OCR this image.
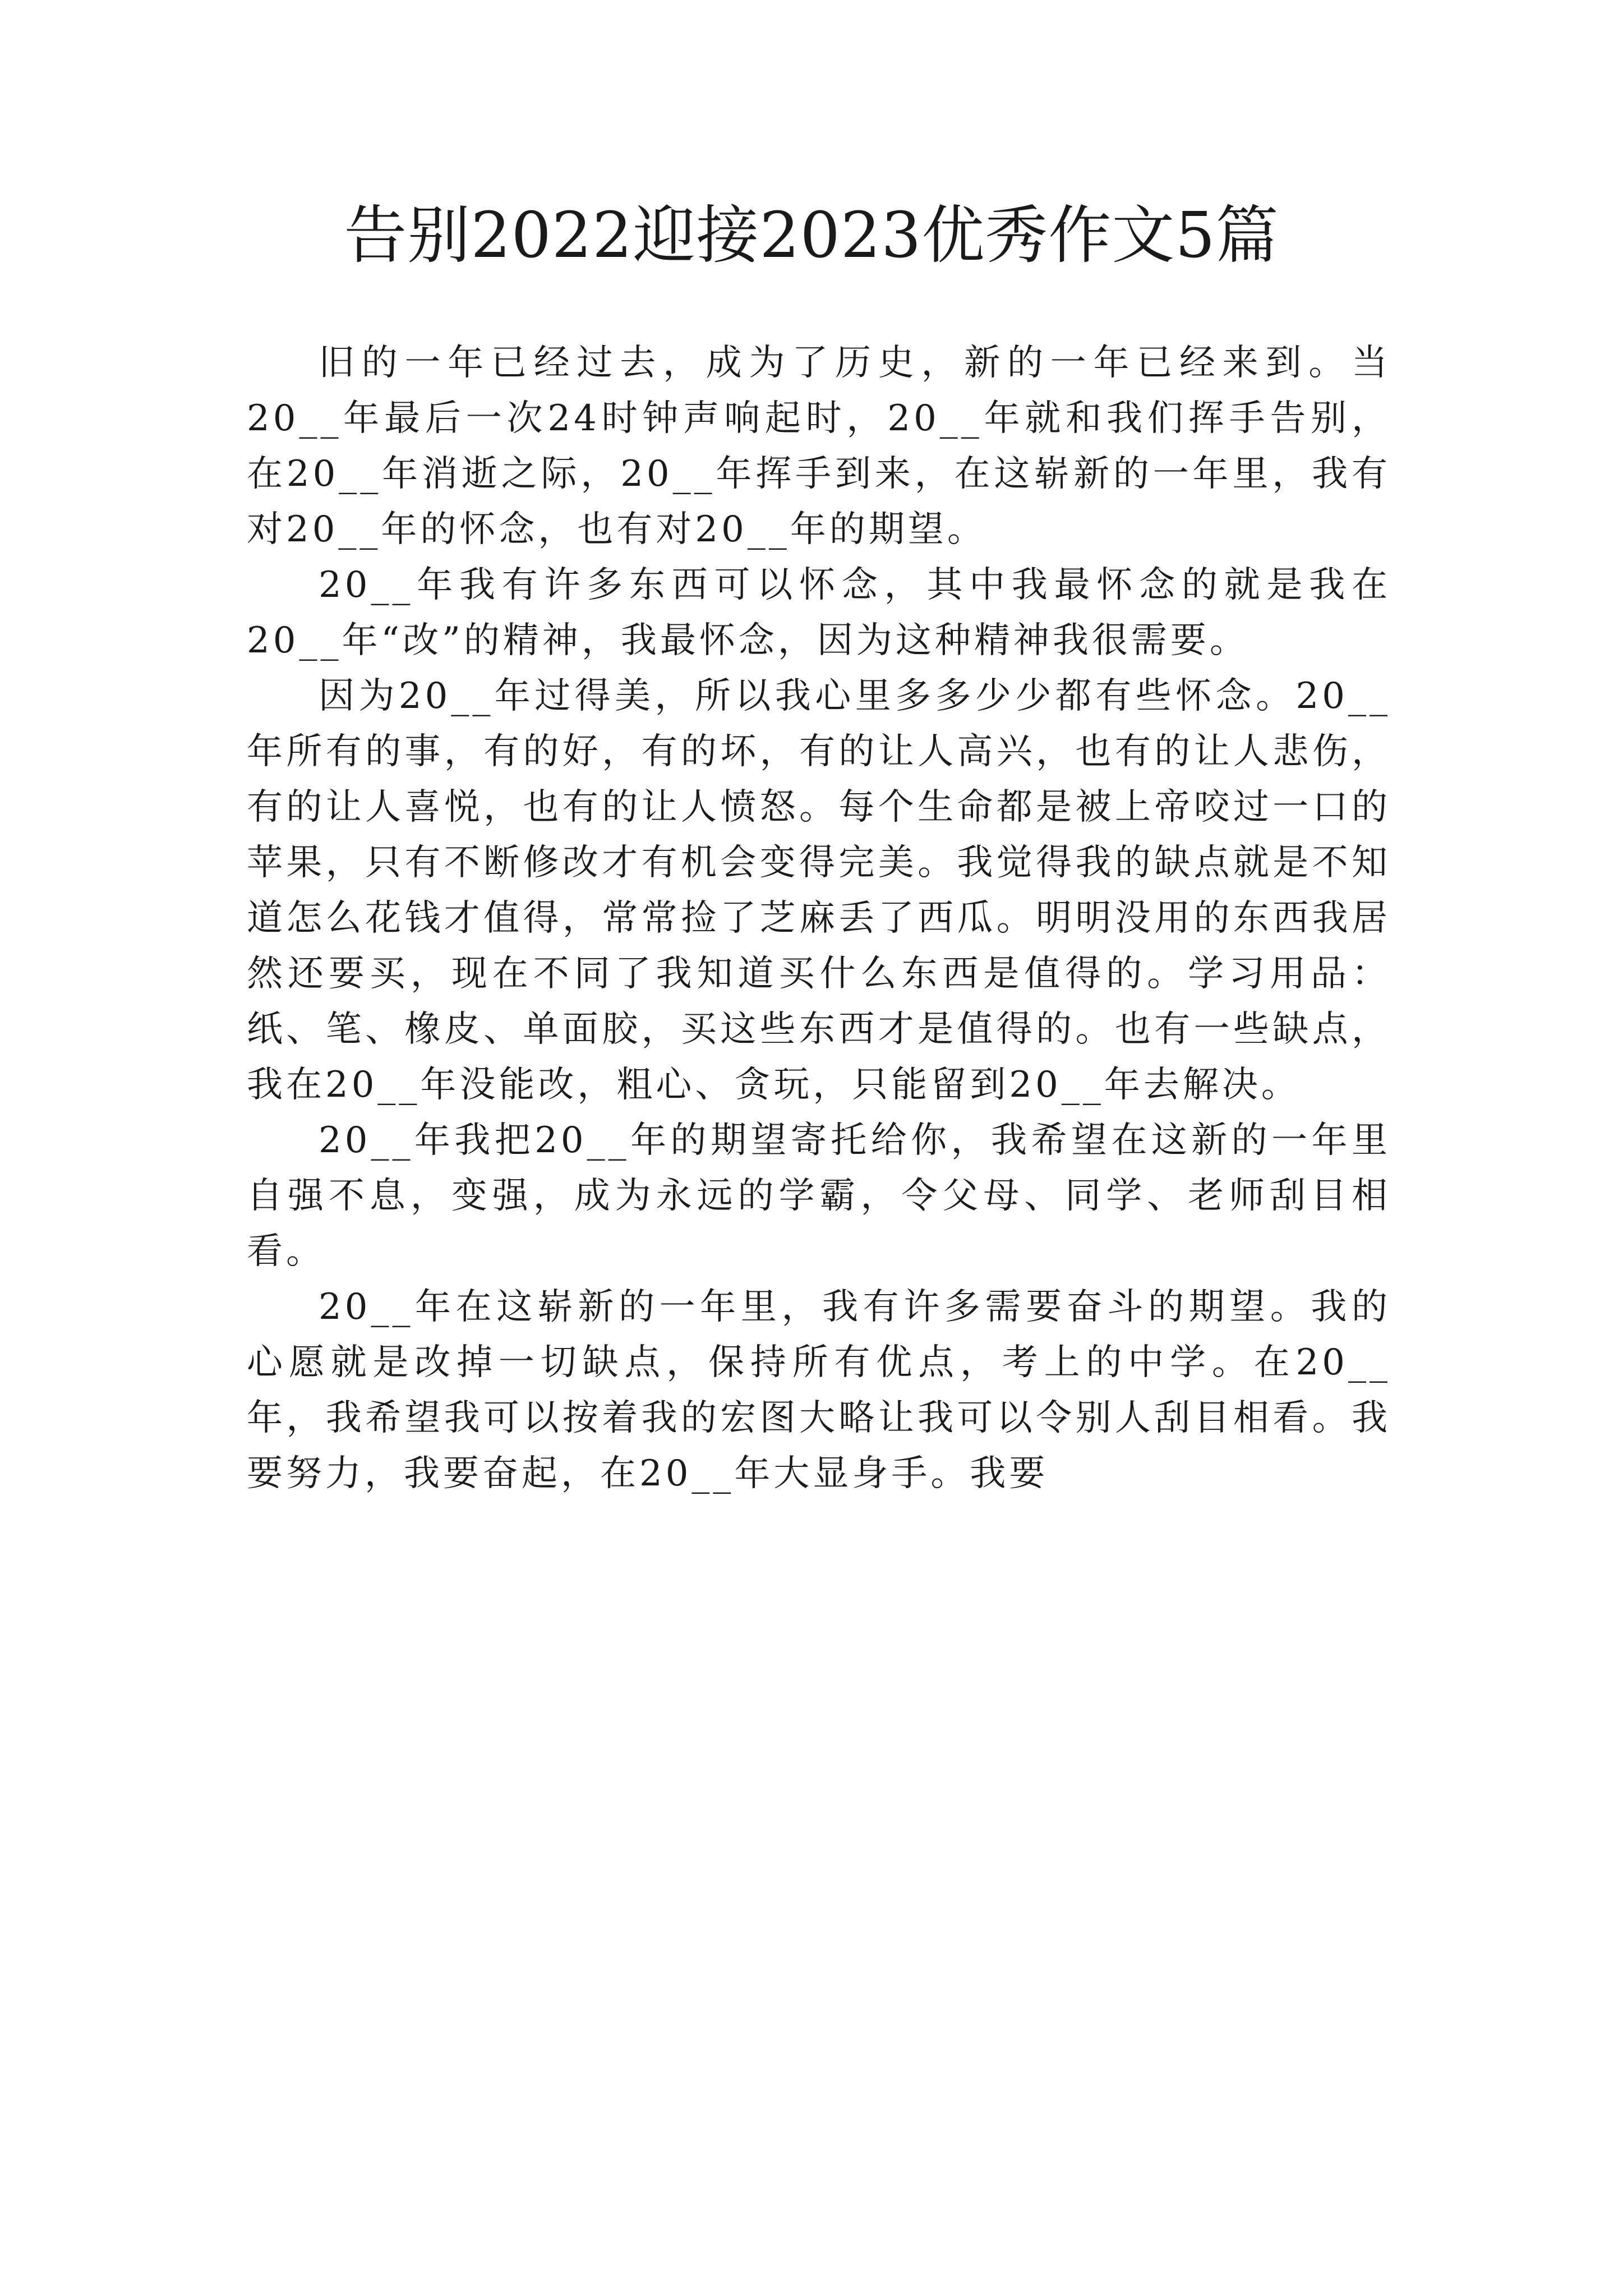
告别2022迎接2023优秀作文5篇

旧的一年已经过去，成为了历史，新的一年已经来到。当20__年最后一次24时钟声响起时，20__年就和我们挥手告别，在20__年消逝之际，20__年挥手到来，在这崭新的一年里，我有对20__年的怀念，也有对20__年的期望。

20__年我有许多东西可以怀念，其中我最怀念的就是我在20__年“改”的精神，我最怀念，因为这种精神我很需要。

因为20__年过得美，所以我心里多多少少都有些怀念。20__年所有的事，有的好，有的坏，有的让人高兴，也有的让人悲伤，有的让人喜悦，也有的让人愤怒。每个生命都是被上帝咬过一口的苹果，只有不断修改才有机会变得完美。我觉得我的缺点就是不知道怎么花钱才值得，常常捡了芝麻丢了西瓜。明明没用的东西我居然还要买，现在不同了我知道买什么东西是值得的。学习用品：纸、笔、橡皮、单面胶，买这些东西才是值得的。也有一些缺点，我在20__年没能改，粗心、贪玩，只能留到20__年去解决。

20__年我把20__年的期望寄托给你，我希望在这新的一年里自强不息，变强，成为永远的学霸，令父母、同学、老师刮目相看。

20__年在这崭新的一年里，我有许多需要奋斗的期望。我的心愿就是改掉一切缺点，保持所有优点，考上的中学。在20__年，我希望我可以按着我的宏图大略让我可以令别人刮目相看。我要努力，我要奋起，在20__年大显身手。我要
